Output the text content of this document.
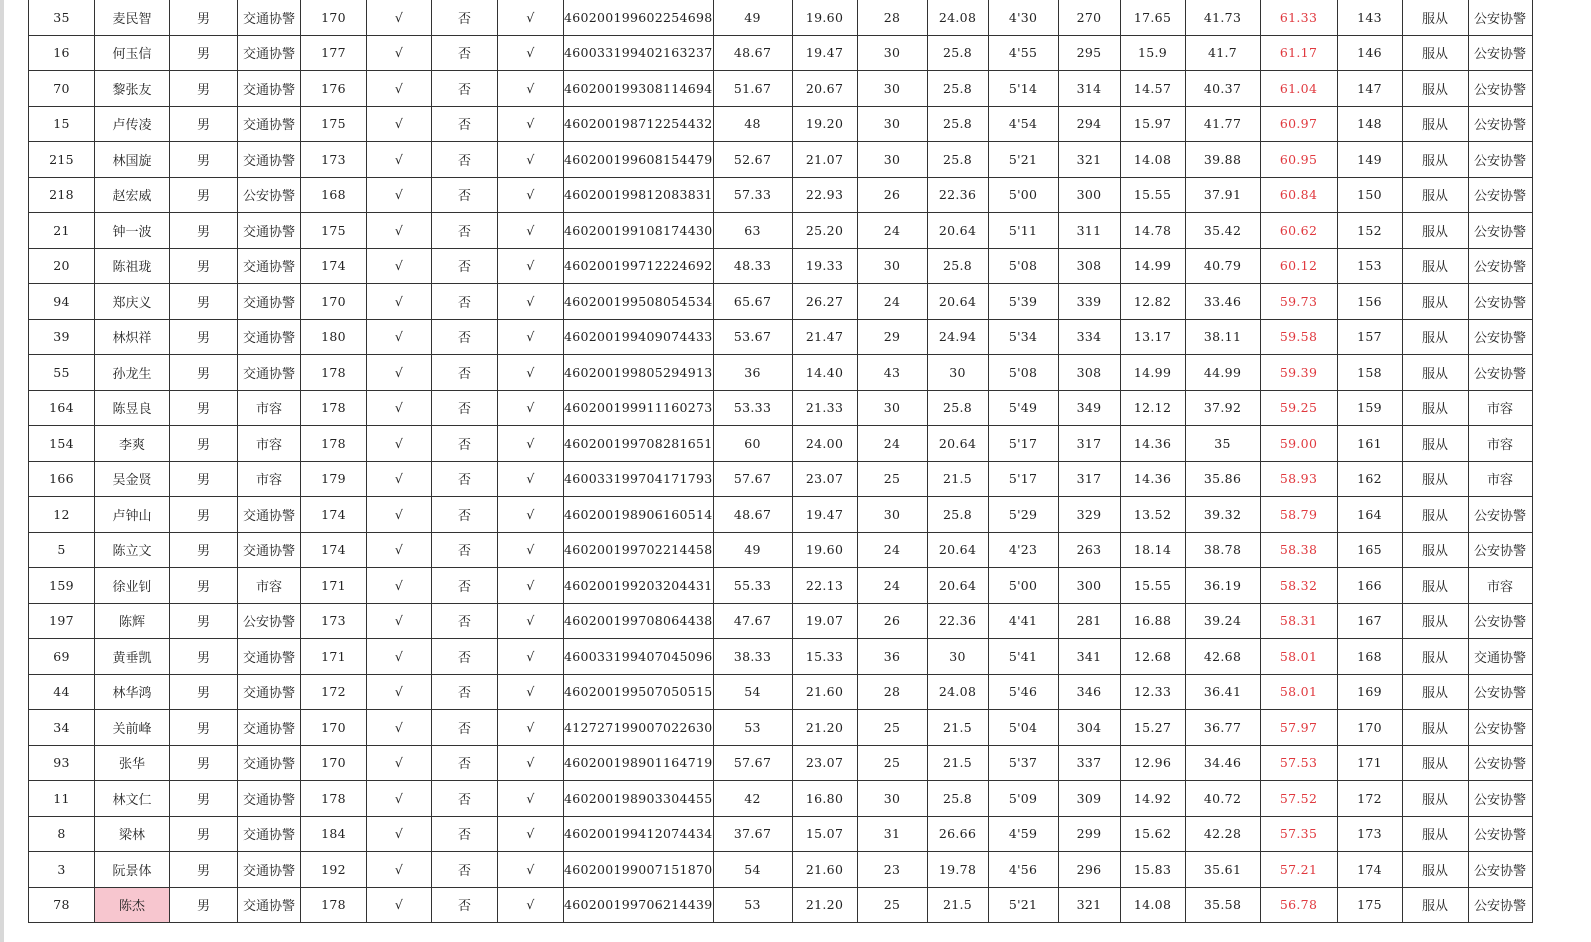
35	麦民智	男	交通协警	170	√	否	√	460200199602254698	49	19.60	28	24.08	4'30	270	17.65	41.73	61.33	143	服从	公安协警
16	何玉信	男	交通协警	177	√	否	√	460033199402163237	48.67	19.47	30	25.8	4'55	295	15.9	41.7	61.17	146	服从	公安协警
70	黎张友	男	交通协警	176	√	否	√	460200199308114694	51.67	20.67	30	25.8	5'14	314	14.57	40.37	61.04	147	服从	公安协警
15	卢传凌	男	交通协警	175	√	否	√	460200198712254432	48	19.20	30	25.8	4'54	294	15.97	41.77	60.97	148	服从	公安协警
215	林国旋	男	交通协警	173	√	否	√	460200199608154479	52.67	21.07	30	25.8	5'21	321	14.08	39.88	60.95	149	服从	公安协警
218	赵宏威	男	公安协警	168	√	否	√	460200199812083831	57.33	22.93	26	22.36	5'00	300	15.55	37.91	60.84	150	服从	公安协警
21	钟一波	男	交通协警	175	√	否	√	460200199108174430	63	25.20	24	20.64	5'11	311	14.78	35.42	60.62	152	服从	公安协警
20	陈祖珑	男	交通协警	174	√	否	√	460200199712224692	48.33	19.33	30	25.8	5'08	308	14.99	40.79	60.12	153	服从	公安协警
94	郑庆义	男	交通协警	170	√	否	√	460200199508054534	65.67	26.27	24	20.64	5'39	339	12.82	33.46	59.73	156	服从	公安协警
39	林炽祥	男	交通协警	180	√	否	√	460200199409074433	53.67	21.47	29	24.94	5'34	334	13.17	38.11	59.58	157	服从	公安协警
55	孙龙生	男	交通协警	178	√	否	√	460200199805294913	36	14.40	43	30	5'08	308	14.99	44.99	59.39	158	服从	公安协警
164	陈昱良	男	市容	178	√	否	√	460200199911160273	53.33	21.33	30	25.8	5'49	349	12.12	37.92	59.25	159	服从	市容
154	李爽	男	市容	178	√	否	√	460200199708281651	60	24.00	24	20.64	5'17	317	14.36	35	59.00	161	服从	市容
166	吴金贤	男	市容	179	√	否	√	460033199704171793	57.67	23.07	25	21.5	5'17	317	14.36	35.86	58.93	162	服从	市容
12	卢钟山	男	交通协警	174	√	否	√	460200198906160514	48.67	19.47	30	25.8	5'29	329	13.52	39.32	58.79	164	服从	公安协警
5	陈立文	男	交通协警	174	√	否	√	460200199702214458	49	19.60	24	20.64	4'23	263	18.14	38.78	58.38	165	服从	公安协警
159	徐业钊	男	市容	171	√	否	√	460200199203204431	55.33	22.13	24	20.64	5'00	300	15.55	36.19	58.32	166	服从	市容
197	陈辉	男	公安协警	173	√	否	√	460200199708064438	47.67	19.07	26	22.36	4'41	281	16.88	39.24	58.31	167	服从	公安协警
69	黄垂凯	男	交通协警	171	√	否	√	460033199407045096	38.33	15.33	36	30	5'41	341	12.68	42.68	58.01	168	服从	交通协警
44	林华鸿	男	交通协警	172	√	否	√	460200199507050515	54	21.60	28	24.08	5'46	346	12.33	36.41	58.01	169	服从	公安协警
34	关前峰	男	交通协警	170	√	否	√	412727199007022630	53	21.20	25	21.5	5'04	304	15.27	36.77	57.97	170	服从	公安协警
93	张华	男	交通协警	170	√	否	√	460200198901164719	57.67	23.07	25	21.5	5'37	337	12.96	34.46	57.53	171	服从	公安协警
11	林文仁	男	交通协警	178	√	否	√	460200198903304455	42	16.80	30	25.8	5'09	309	14.92	40.72	57.52	172	服从	公安协警
8	梁林	男	交通协警	184	√	否	√	460200199412074434	37.67	15.07	31	26.66	4'59	299	15.62	42.28	57.35	173	服从	公安协警
3	阮景体	男	交通协警	192	√	否	√	460200199007151870	54	21.60	23	19.78	4'56	296	15.83	35.61	57.21	174	服从	公安协警
78	陈杰	男	交通协警	178	√	否	√	460200199706214439	53	21.20	25	21.5	5'21	321	14.08	35.58	56.78	175	服从	公安协警
